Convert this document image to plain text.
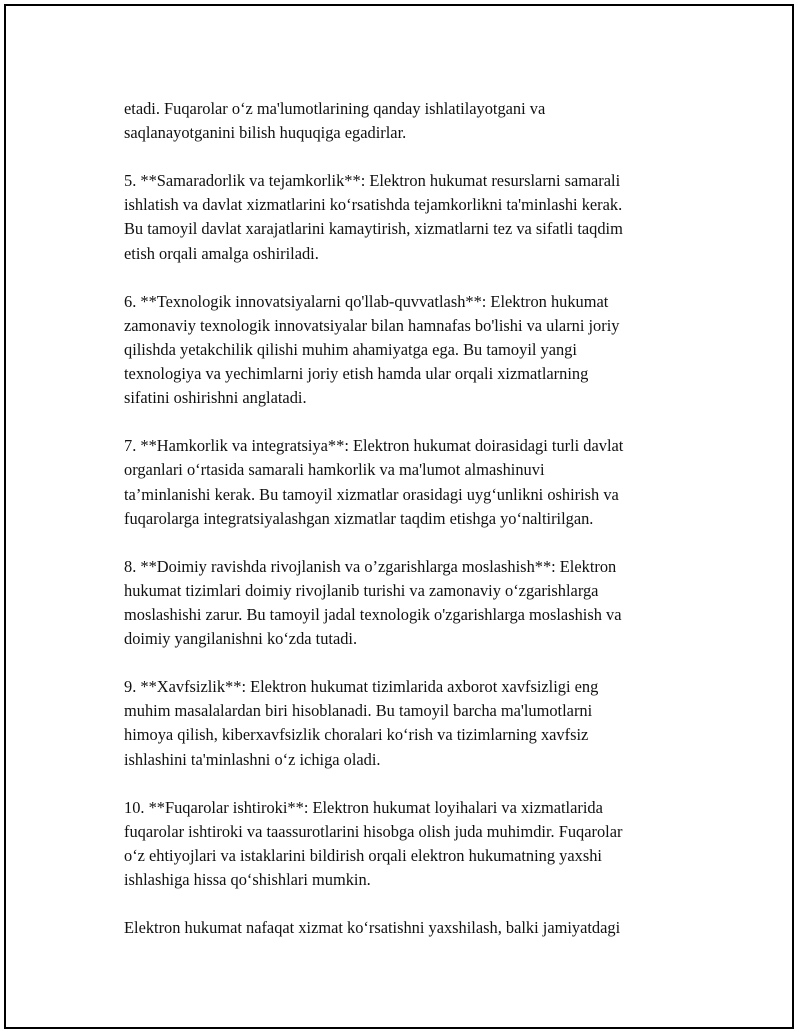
etadi. Fuqarolar o‘z ma'lumotlarining qanday ishlatilayotgani va
saqlanayotganini bilish huquqiga egadirlar.

5. **Samaradorlik va tejamkorlik**: Elektron hukumat resurslarni samarali
ishlatish va davlat xizmatlarini ko‘rsatishda tejamkorlikni ta'minlashi kerak.
Bu tamoyil davlat xarajatlarini kamaytirish, xizmatlarni tez va sifatli taqdim
etish orqali amalga oshiriladi.

6. **Texnologik innovatsiyalarni qo'llab-quvvatlash**: Elektron hukumat
zamonaviy texnologik innovatsiyalar bilan hamnafas bo'lishi va ularni joriy
qilishda yetakchilik qilishi muhim ahamiyatga ega. Bu tamoyil yangi
texnologiya va yechimlarni joriy etish hamda ular orqali xizmatlarning
sifatini oshirishni anglatadi.

7. **Hamkorlik va integratsiya**: Elektron hukumat doirasidagi turli davlat
organlari o‘rtasida samarali hamkorlik va ma'lumot almashinuvi
ta’minlanishi kerak. Bu tamoyil xizmatlar orasidagi uyg‘unlikni oshirish va
fuqarolarga integratsiyalashgan xizmatlar taqdim etishga yo‘naltirilgan.

8. **Doimiy ravishda rivojlanish va o’zgarishlarga moslashish**: Elektron
hukumat tizimlari doimiy rivojlanib turishi va zamonaviy o‘zgarishlarga
moslashishi zarur. Bu tamoyil jadal texnologik o'zgarishlarga moslashish va
doimiy yangilanishni ko‘zda tutadi.

9. **Xavfsizlik**: Elektron hukumat tizimlarida axborot xavfsizligi eng
muhim masalalardan biri hisoblanadi. Bu tamoyil barcha ma'lumotlarni
himoya qilish, kiberxavfsizlik choralari ko‘rish va tizimlarning xavfsiz
ishlashini ta'minlashni o‘z ichiga oladi.

10. **Fuqarolar ishtiroki**: Elektron hukumat loyihalari va xizmatlarida
fuqarolar ishtiroki va taassurotlarini hisobga olish juda muhimdir. Fuqarolar
o‘z ehtiyojlari va istaklarini bildirish orqali elektron hukumatning yaxshi
ishlashiga hissa qo‘shishlari mumkin.

Elektron hukumat nafaqat xizmat ko‘rsatishni yaxshilash, balki jamiyatdagi
